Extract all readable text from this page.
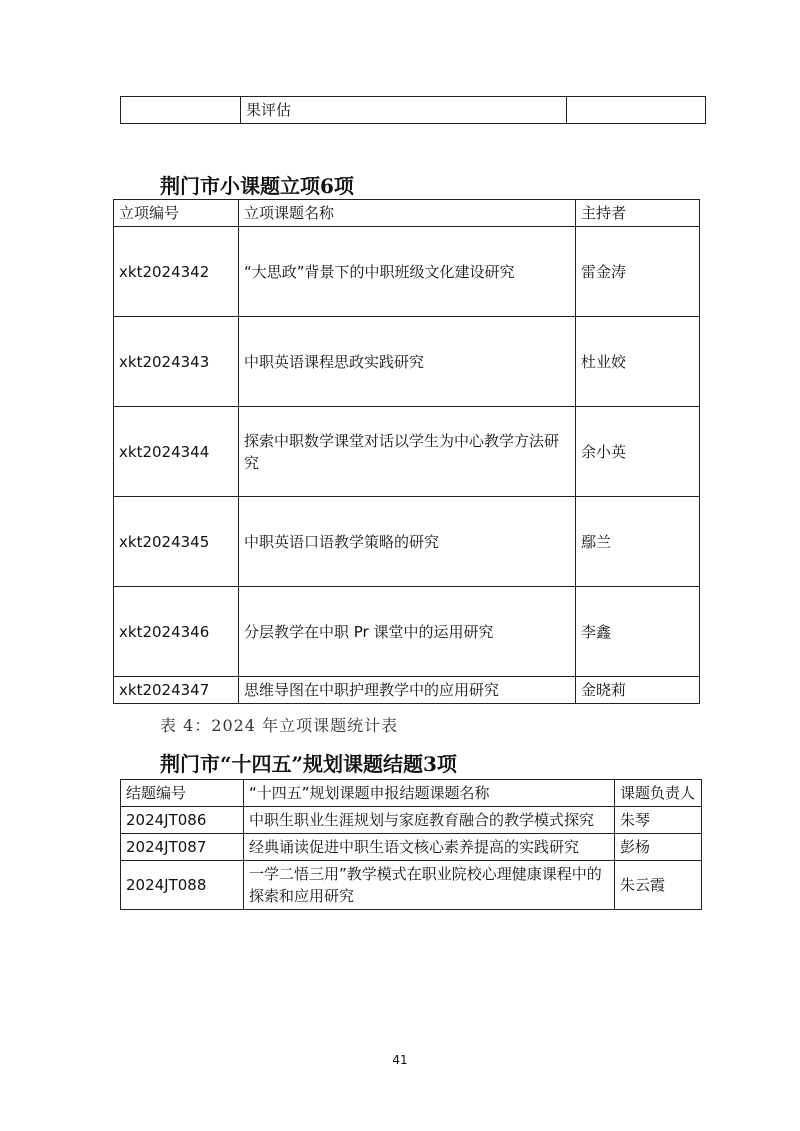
	果评估	
荆门市小课题立项6项
立项编号	立项课题名称	主持者
xkt2024342	“大思政”背景下的中职班级文化建设研究	雷金涛
xkt2024343	中职英语课程思政实践研究	杜业姣
xkt2024344	探索中职数学课堂对话以学生为中心教学方法研究	余小英
xkt2024345	中职英语口语教学策略的研究	鄢兰
xkt2024346	分层教学在中职 Pr 课堂中的运用研究	李鑫
xkt2024347	思维导图在中职护理教学中的应用研究	金晓莉
表 4：2024 年立项课题统计表
荆门市“十四五”规划课题结题3项
结题编号	“十四五”规划课题申报结题课题名称	课题负责人
2024JT086	中职生职业生涯规划与家庭教育融合的教学模式探究	朱琴
2024JT087	经典诵读促进中职生语文核心素养提高的实践研究	彭杨
2024JT088	一学二悟三用”教学模式在职业院校心理健康课程中的探索和应用研究	朱云霞
41
